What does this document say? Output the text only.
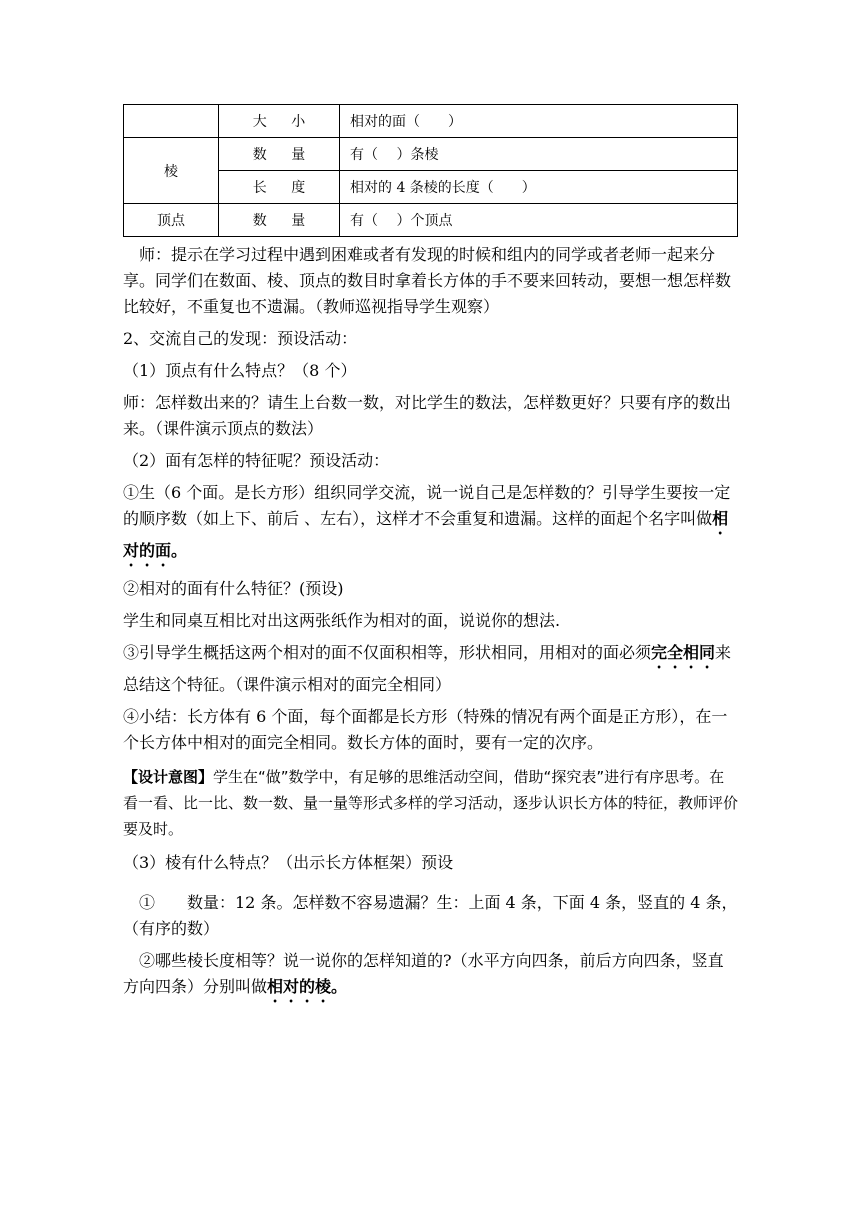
	大 小	相对的面（　　）
棱	数 量	有（　 ）条棱
	长 度	相对的 4 条棱的长度（　　）
顶点	数 量	有（　 ）个顶点

　师：提示在学习过程中遇到困难或者有发现的时候和组内的同学或者老师一起来分享。同学们在数面、棱、顶点的数目时拿着长方体的手不要来回转动，要想一想怎样数比较好，不重复也不遗漏。（教师巡视指导学生观察）

2、交流自己的发现：预设活动：

（1）顶点有什么特点？（8 个）

师：怎样数出来的？请生上台数一数，对比学生的数法，怎样数更好？只要有序的数出来。（课件演示顶点的数法）

（2）面有怎样的特征呢？预设活动：

①生（6 个面。是长方形）组织同学交流，说一说自己是怎样数的？引导学生要按一定的顺序数（如上下、前后 、左右），这样才不会重复和遗漏。这样的面起个名字叫做相对的面。

②相对的面有什么特征？(预设)

学生和同桌互相比对出这两张纸作为相对的面，说说你的想法.

③引导学生概括这两个相对的面不仅面积相等，形状相同，用相对的面必须完全相同来总结这个特征。（课件演示相对的面完全相同）

④小结：长方体有 6 个面，每个面都是长方形（特殊的情况有两个面是正方形），在一个长方体中相对的面完全相同。数长方体的面时，要有一定的次序。

【设计意图】学生在“做”数学中，有足够的思维活动空间，借助“探究表”进行有序思考。在看一看、比一比、数一数、量一量等形式多样的学习活动，逐步认识长方体的特征，教师评价要及时。

（3）棱有什么特点？（出示长方体框架）预设

　①　　数量：12 条。怎样数不容易遗漏？生：上面 4 条，下面 4 条，竖直的 4 条，（有序的数）

　②哪些棱长度相等？说一说你的怎样知道的?（水平方向四条，前后方向四条，竖直方向四条）分别叫做相对的棱。
